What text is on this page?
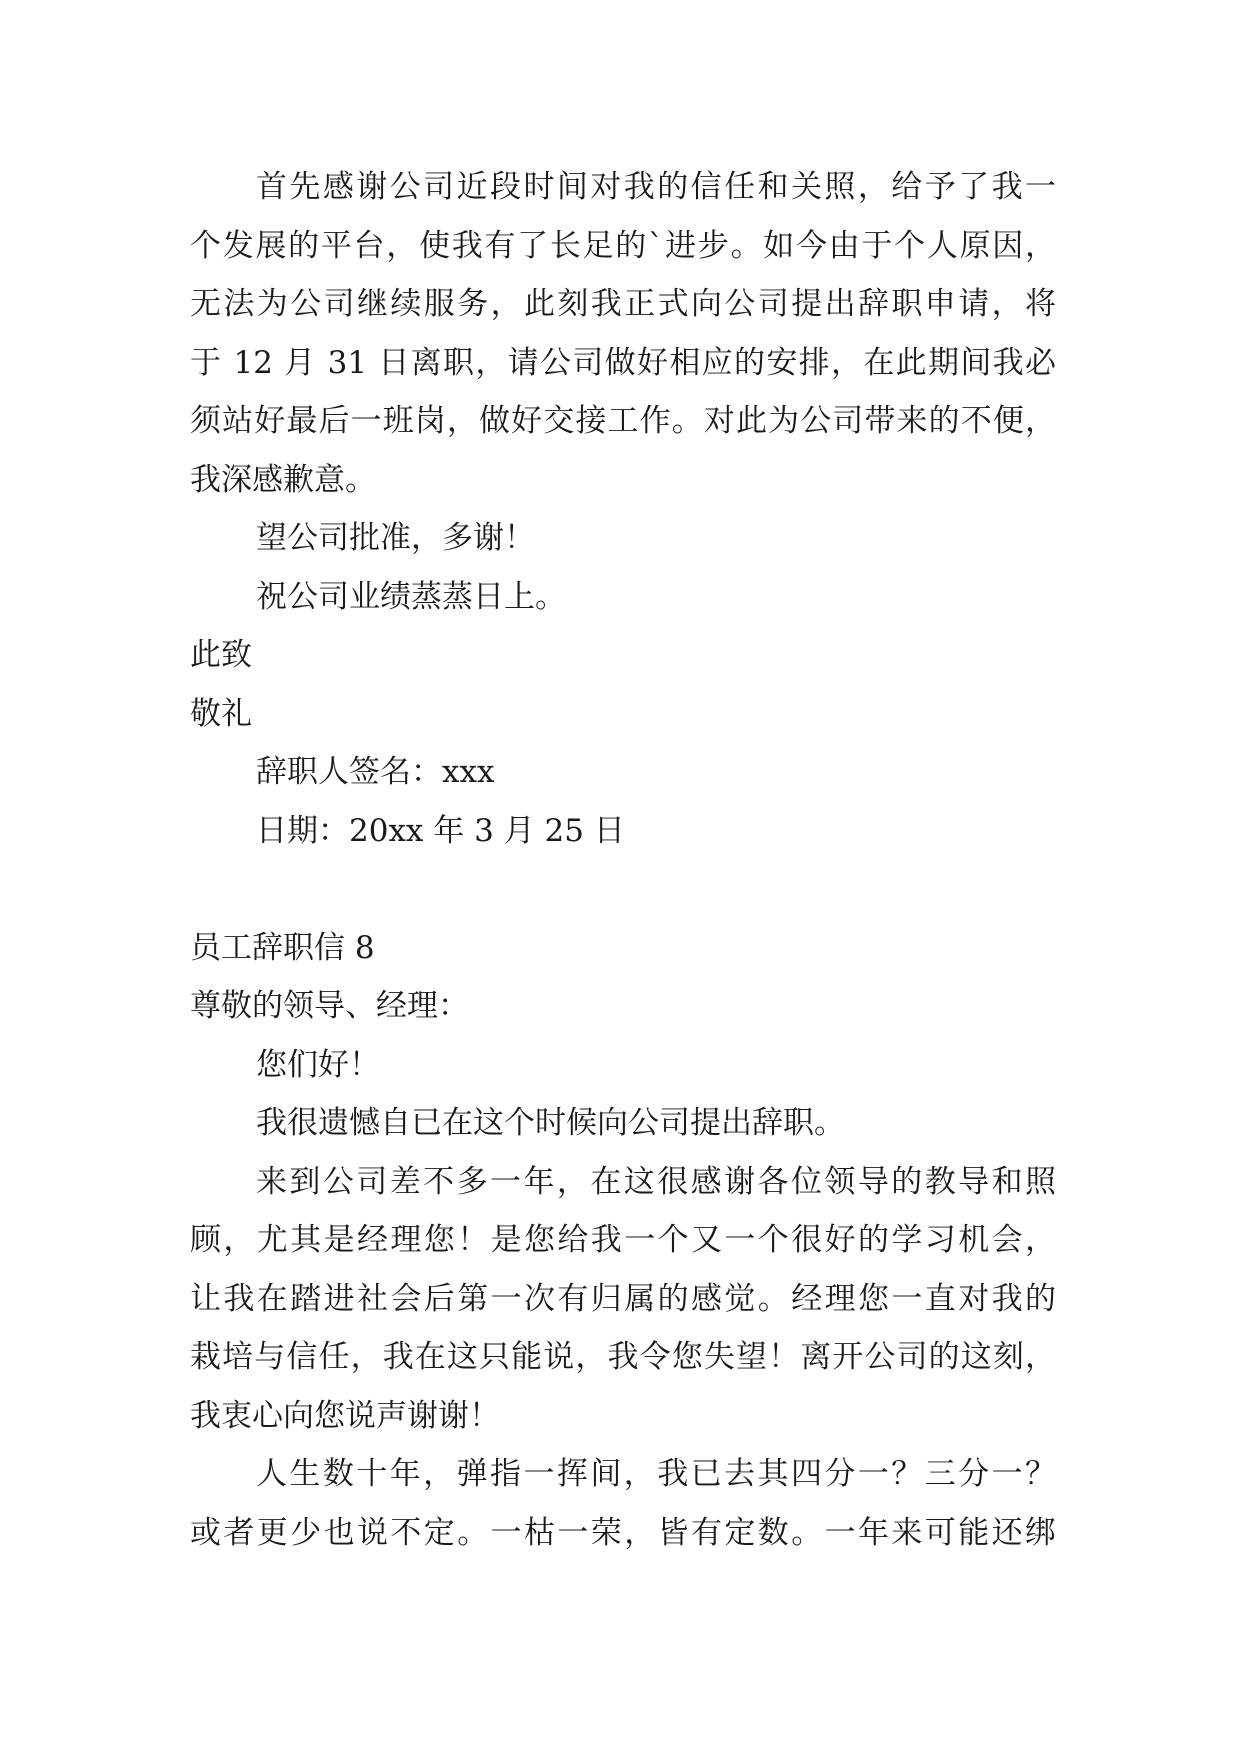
首先感谢公司近段时间对我的信任和关照，给予了我一
个发展的平台，使我有了长足的`进步。如今由于个人原因，
无法为公司继续服务，此刻我正式向公司提出辞职申请，将
于 12 月 31 日离职，请公司做好相应的安排，在此期间我必
须站好最后一班岗，做好交接工作。对此为公司带来的不便，
我深感歉意。
望公司批准，多谢！
祝公司业绩蒸蒸日上。
此致
敬礼
辞职人签名：xxx
日期：20xx 年 3 月 25 日
员工辞职信 8
尊敬的领导、经理：
您们好！
我很遗憾自已在这个时候向公司提出辞职。
来到公司差不多一年，在这很感谢各位领导的教导和照
顾，尤其是经理您！是您给我一个又一个很好的学习机会，
让我在踏进社会后第一次有归属的感觉。经理您一直对我的
栽培与信任，我在这只能说，我令您失望！离开公司的这刻，
我衷心向您说声谢谢！
人生数十年，弹指一挥间，我已去其四分一？三分一？
或者更少也说不定。一枯一荣，皆有定数。一年来可能还绑
